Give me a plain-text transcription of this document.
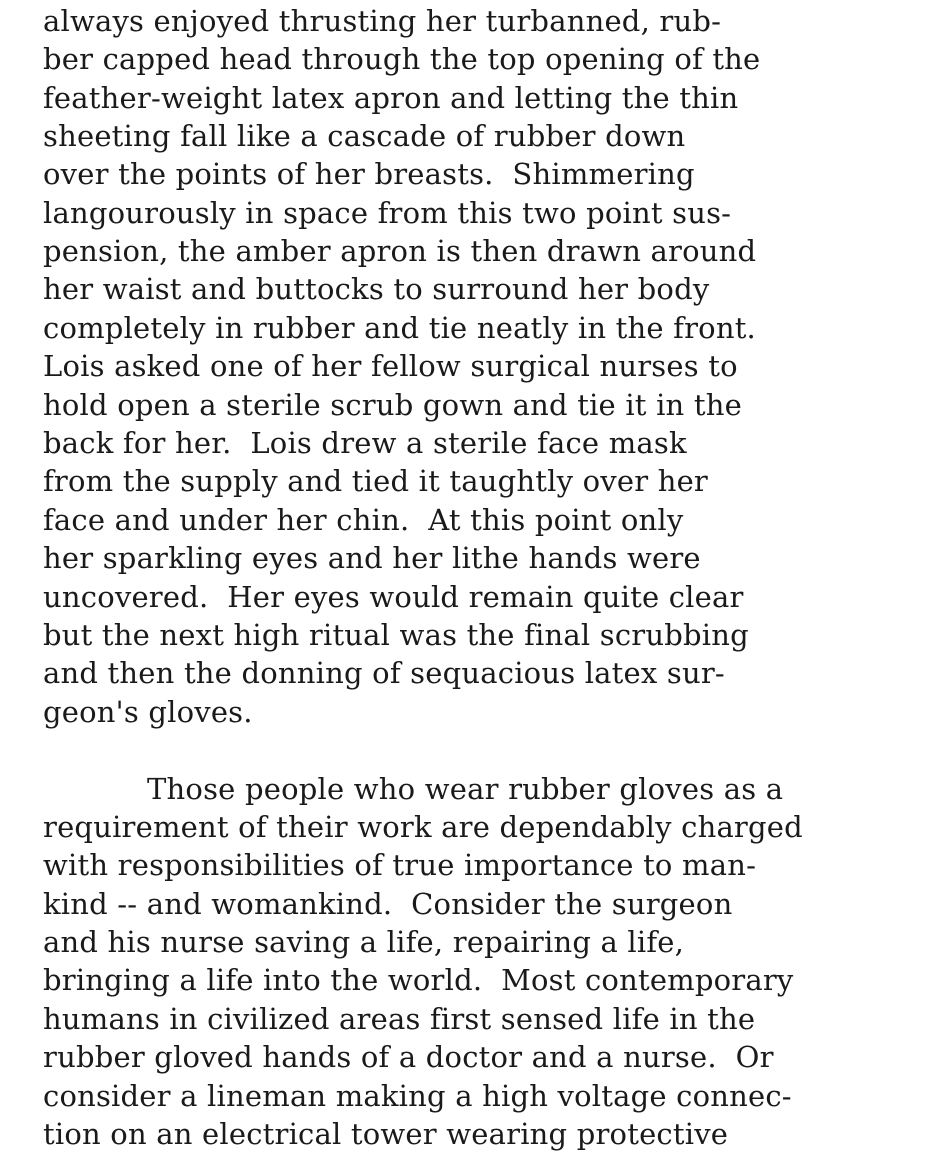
always enjoyed thrusting her turbanned, rub-
ber capped head through the top opening of the
feather-weight latex apron and letting the thin
sheeting fall like a cascade of rubber down
over the points of her breasts.  Shimmering
langourously in space from this two point sus-
pension, the amber apron is then drawn around
her waist and buttocks to surround her body
completely in rubber and tie neatly in the front.
Lois asked one of her fellow surgical nurses to
hold open a sterile scrub gown and tie it in the
back for her.  Lois drew a sterile face mask
from the supply and tied it taughtly over her
face and under her chin.  At this point only
her sparkling eyes and her lithe hands were
uncovered.  Her eyes would remain quite clear
but the next high ritual was the final scrubbing
and then the donning of sequacious latex sur-
geon's gloves.
Those people who wear rubber gloves as a
requirement of their work are dependably charged
with responsibilities of true importance to man-
kind -- and womankind.  Consider the surgeon
and his nurse saving a life, repairing a life,
bringing a life into the world.  Most contemporary
humans in civilized areas first sensed life in the
rubber gloved hands of a doctor and a nurse.  Or
consider a lineman making a high voltage connec-
tion on an electrical tower wearing protective
